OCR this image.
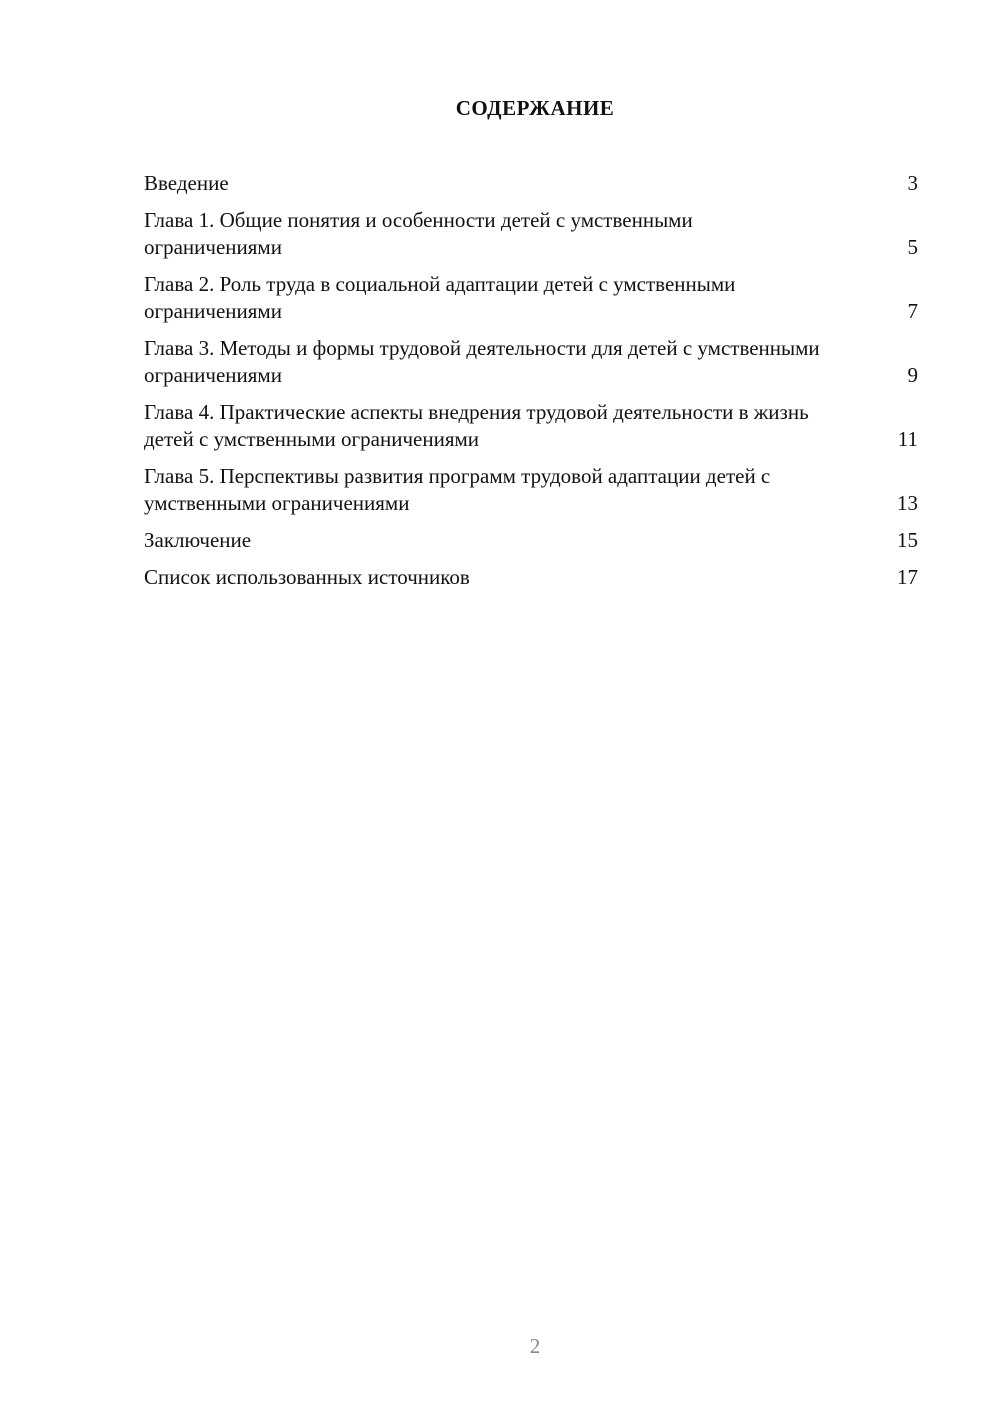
СОДЕРЖАНИЕ
Введение	3
Глава 1. Общие понятия и особенности детей с умственными ограничениями	5
Глава 2. Роль труда в социальной адаптации детей с умственными ограничениями	7
Глава 3. Методы и формы трудовой деятельности для детей с умственными ограничениями	9
Глава 4. Практические аспекты внедрения трудовой деятельности в жизнь детей с умственными ограничениями	11
Глава 5. Перспективы развития программ трудовой адаптации детей с умственными ограничениями	13
Заключение	15
Список использованных источников	17
2
